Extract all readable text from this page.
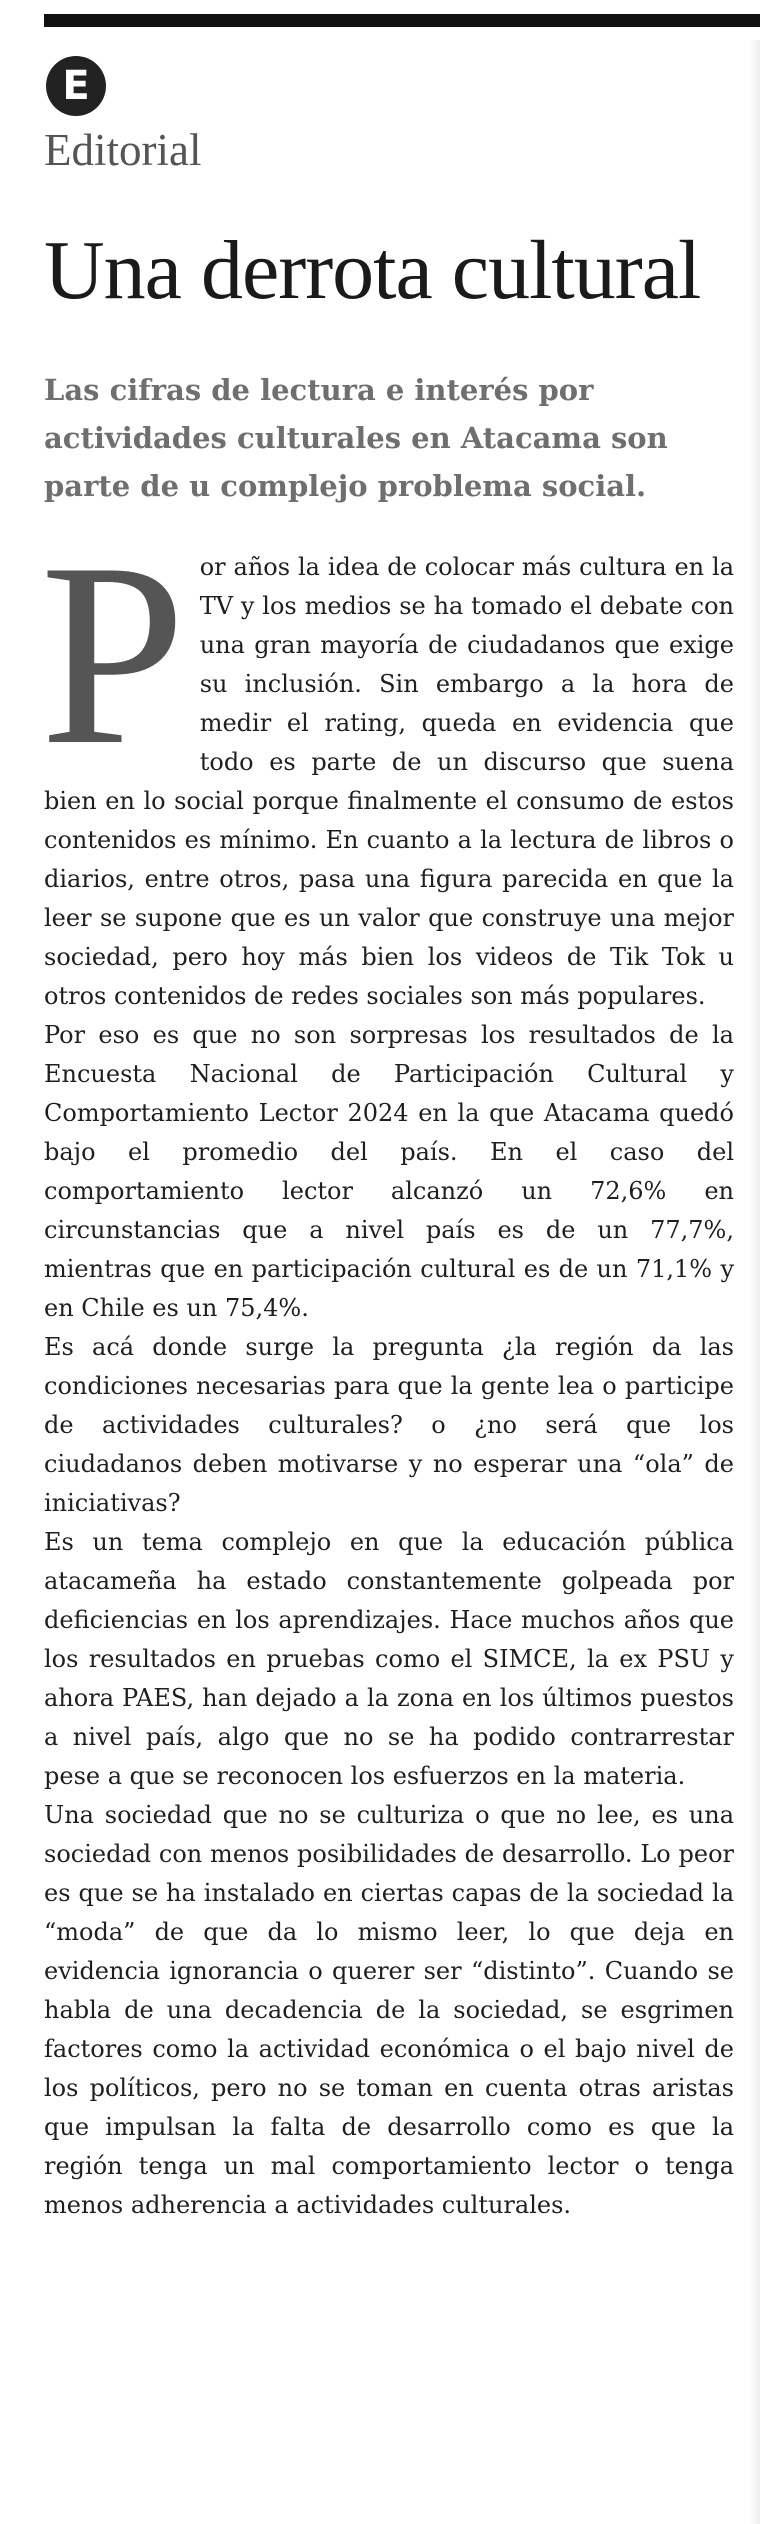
E
Editorial
Una derrota cultural
Las cifras de lectura e interés por actividades culturales en Atacama son parte de u complejo problema social.
P or años la idea de colocar más cultura en la TV y los medios se ha tomado el debate con una gran mayoría de ciudadanos que exige su inclusión. Sin embargo a la hora de medir el rating, queda en evidencia que todo es parte de un discurso que suena bien en lo social porque finalmente el consumo de estos contenidos es mínimo. En cuanto a la lectura de libros o diarios, entre otros, pasa una figura parecida en que la leer se supone que es un valor que construye una mejor sociedad, pero hoy más bien los videos de Tik Tok u otros contenidos de redes sociales son más populares.

Por eso es que no son sorpresas los resultados de la Encuesta Nacional de Participación Cultural y Comportamiento Lector 2024 en la que Atacama quedó bajo el promedio del país. En el caso del comportamiento lector alcanzó un 72,6% en circunstancias que a nivel país es de un 77,7%, mientras que en participación cultural es de un 71,1% y en Chile es un 75,4%.

Es acá donde surge la pregunta ¿la región da las condiciones necesarias para que la gente lea o participe de actividades culturales? o ¿no será que los ciudadanos deben motivarse y no esperar una “ola” de iniciativas?

Es un tema complejo en que la educación pública atacameña ha estado constantemente golpeada por deficiencias en los aprendizajes. Hace muchos años que los resultados en pruebas como el SIMCE, la ex PSU y ahora PAES, han dejado a la zona en los últimos puestos a nivel país, algo que no se ha podido contrarrestar pese a que se reconocen los esfuerzos en la materia.

Una sociedad que no se culturiza o que no lee, es una sociedad con menos posibilidades de desarrollo. Lo peor es que se ha instalado en ciertas capas de la sociedad la “moda” de que da lo mismo leer, lo que deja en evidencia ignorancia o querer ser “distinto”. Cuando se habla de una decadencia de la sociedad, se esgrimen factores como la actividad económica o el bajo nivel de los políticos, pero no se toman en cuenta otras aristas que impulsan la falta de desarrollo como es que la región tenga un mal comportamiento lector o tenga menos adherencia a actividades culturales.
